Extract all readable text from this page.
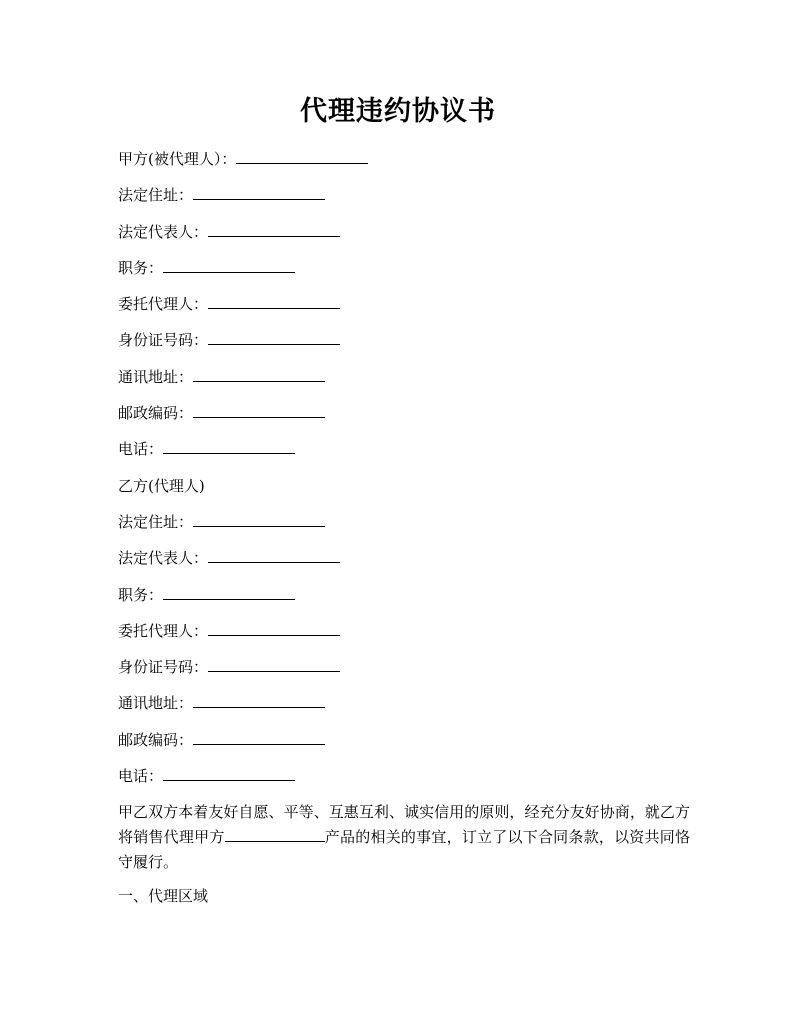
代理违约协议书
甲方(被代理人）：
法定住址：
法定代表人：
职务：
委托代理人：
身份证号码：
通讯地址：
邮政编码：
电话：
乙方(代理人)
法定住址：
法定代表人：
职务：
委托代理人：
身份证号码：
通讯地址：
邮政编码：
电话：
甲乙双方本着友好自愿、平等、互惠互利、诚实信用的原则，经充分友好协商，就乙方将销售代理甲方	产品的相关的事宜，订立了以下合同条款，以资共同恪守履行。
一、代理区域
